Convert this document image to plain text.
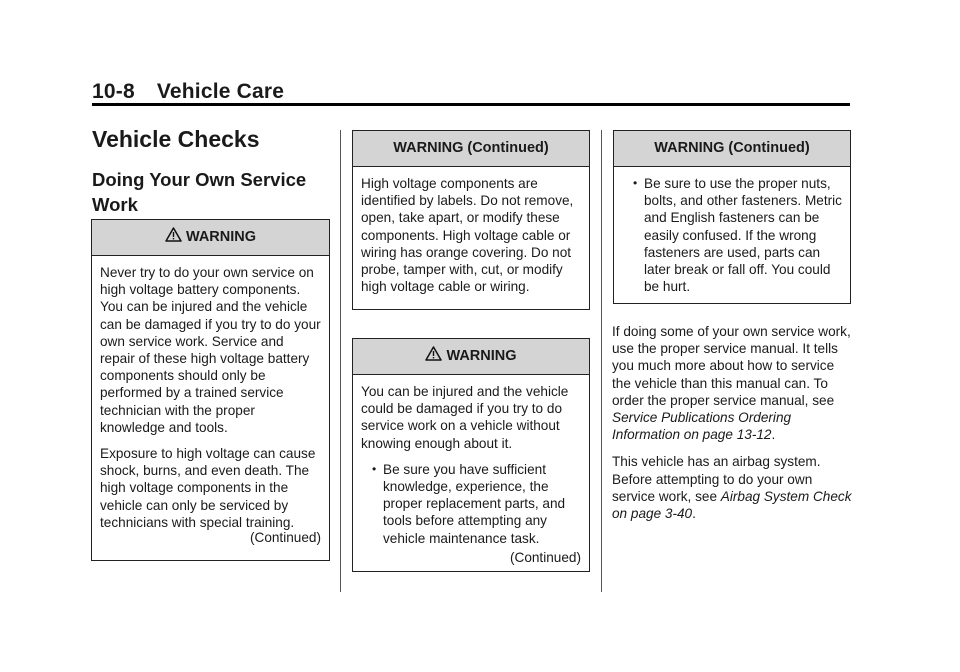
10-8 Vehicle Care
Vehicle Checks
Doing Your Own Service Work
WARNING

Never try to do your own service on high voltage battery components. You can be injured and the vehicle can be damaged if you try to do your own service work. Service and repair of these high voltage battery components should only be performed by a trained service technician with the proper knowledge and tools.

Exposure to high voltage can cause shock, burns, and even death. The high voltage components in the vehicle can only be serviced by technicians with special training.

(Continued)
WARNING (Continued)

High voltage components are identified by labels. Do not remove, open, take apart, or modify these components. High voltage cable or wiring has orange covering. Do not probe, tamper with, cut, or modify high voltage cable or wiring.

WARNING

You can be injured and the vehicle could be damaged if you try to do service work on a vehicle without knowing enough about it.

• Be sure you have sufficient knowledge, experience, the proper replacement parts, and tools before attempting any vehicle maintenance task.
(Continued)
WARNING (Continued)
• Be sure to use the proper nuts, bolts, and other fasteners. Metric and English fasteners can be easily confused. If the wrong fasteners are used, parts can later break or fall off. You could be hurt.

If doing some of your own service work, use the proper service manual. It tells you much more about how to service the vehicle than this manual can. To order the proper service manual, see Service Publications Ordering Information on page 13-12.

This vehicle has an airbag system. Before attempting to do your own service work, see Airbag System Check on page 3-40.
